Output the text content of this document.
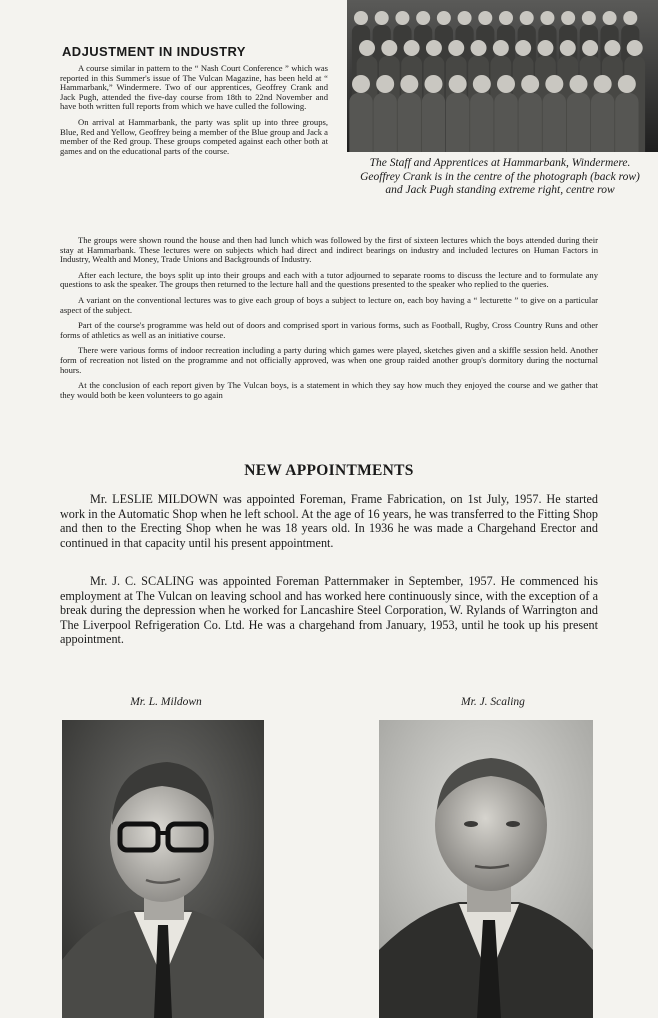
ADJUSTMENT IN INDUSTRY

A course similar in pattern to the “ Nash Court Conference ” which was reported in this Summer's issue of The Vulcan Magazine, has been held at “ Hammarbank,” Windermere. Two of our apprentices, Geoffrey Crank and Jack Pugh, attended the five-day course from 18th to 22nd November and have both written full reports from which we have culled the following.

On arrival at Hammarbank, the party was split up into three groups, Blue, Red and Yellow, Geoffrey being a member of the Blue group and Jack a member of the Red group. These groups competed against each other both at games and on the educational parts of the course.

The Staff and Apprentices at Hammarbank, Windermere. Geoffrey Crank is in the centre of the photograph (back row) and Jack Pugh standing extreme right, centre row

The groups were shown round the house and then had lunch which was followed by the first of sixteen lectures which the boys attended during their stay at Hammarbank. These lectures were on subjects which had direct and indirect bearings on industry and included lectures on Human Factors in Industry, Wealth and Money, Trade Unions and Backgrounds of Industry.

After each lecture, the boys split up into their groups and each with a tutor adjourned to separate rooms to discuss the lecture and to formulate any questions to ask the speaker. The groups then returned to the lecture hall and the questions presented to the speaker who replied to the queries.

A variant on the conventional lectures was to give each group of boys a subject to lecture on, each boy having a “ lecturette ” to give on a particular aspect of the subject.

Part of the course's programme was held out of doors and comprised sport in various forms, such as Football, Rugby, Cross Country Runs and other forms of athletics as well as an initiative course.

There were various forms of indoor recreation including a party during which games were played, sketches given and a skiffle session held. Another form of recreation not listed on the programme and not officially approved, was when one group raided another group's dormitory during the nocturnal hours.

At the conclusion of each report given by The Vulcan boys, is a statement in which they say how much they enjoyed the course and we gather that they would both be keen volunteers to go again

NEW APPOINTMENTS

Mr. LESLIE MILDOWN was appointed Foreman, Frame Fabrication, on 1st July, 1957. He started work in the Automatic Shop when he left school. At the age of 16 years, he was transferred to the Fitting Shop and then to the Erecting Shop when he was 18 years old. In 1936 he was made a Chargehand Erector and continued in that capacity until his present appointment.

Mr. J. C. SCALING was appointed Foreman Patternmaker in September, 1957. He commenced his employment at The Vulcan on leaving school and has worked here continuously since, with the exception of a break during the depression when he worked for Lancashire Steel Corporation, W. Rylands of Warrington and The Liverpool Refrigeration Co. Ltd. He was a chargehand from January, 1953, until he took up his present appointment.

Mr. L. Mildown	Mr. J. Scaling
